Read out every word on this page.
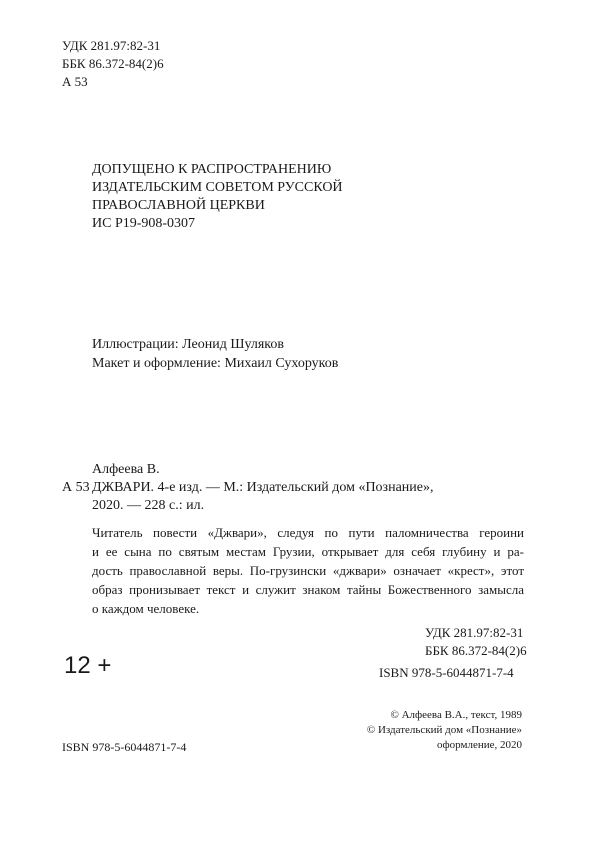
УДК 281.97:82-31
ББК 86.372-84(2)6
А 53
ДОПУЩЕНО К РАСПРОСТРАНЕНИЮ
ИЗДАТЕЛЬСКИМ СОВЕТОМ РУССКОЙ
ПРАВОСЛАВНОЙ ЦЕРКВИ
ИС Р19-908-0307
Иллюстрации: Леонид Шуляков
Макет и оформление: Михаил Сухоруков
Алфеева В.
А 53 ДЖВАРИ. 4-е изд. — М.: Издательский дом «Познание»,
2020. — 228 с.: ил.
Читатель повести «Джвари», следуя по пути паломничества героини
и ее сына по святым местам Грузии, открывает для себя глубину и ра-
дость православной веры. По-грузински «джвари» означает «крест», этот
образ пронизывает текст и служит знаком тайны Божественного замысла
о каждом человеке.
УДК 281.97:82-31
ББК 86.372-84(2)6
12 +	ISBN 978-5-6044871-7-4
ISBN 978-5-6044871-7-4
© Алфеева В.А., текст, 1989
© Издательский дом «Познание»
оформление, 2020
